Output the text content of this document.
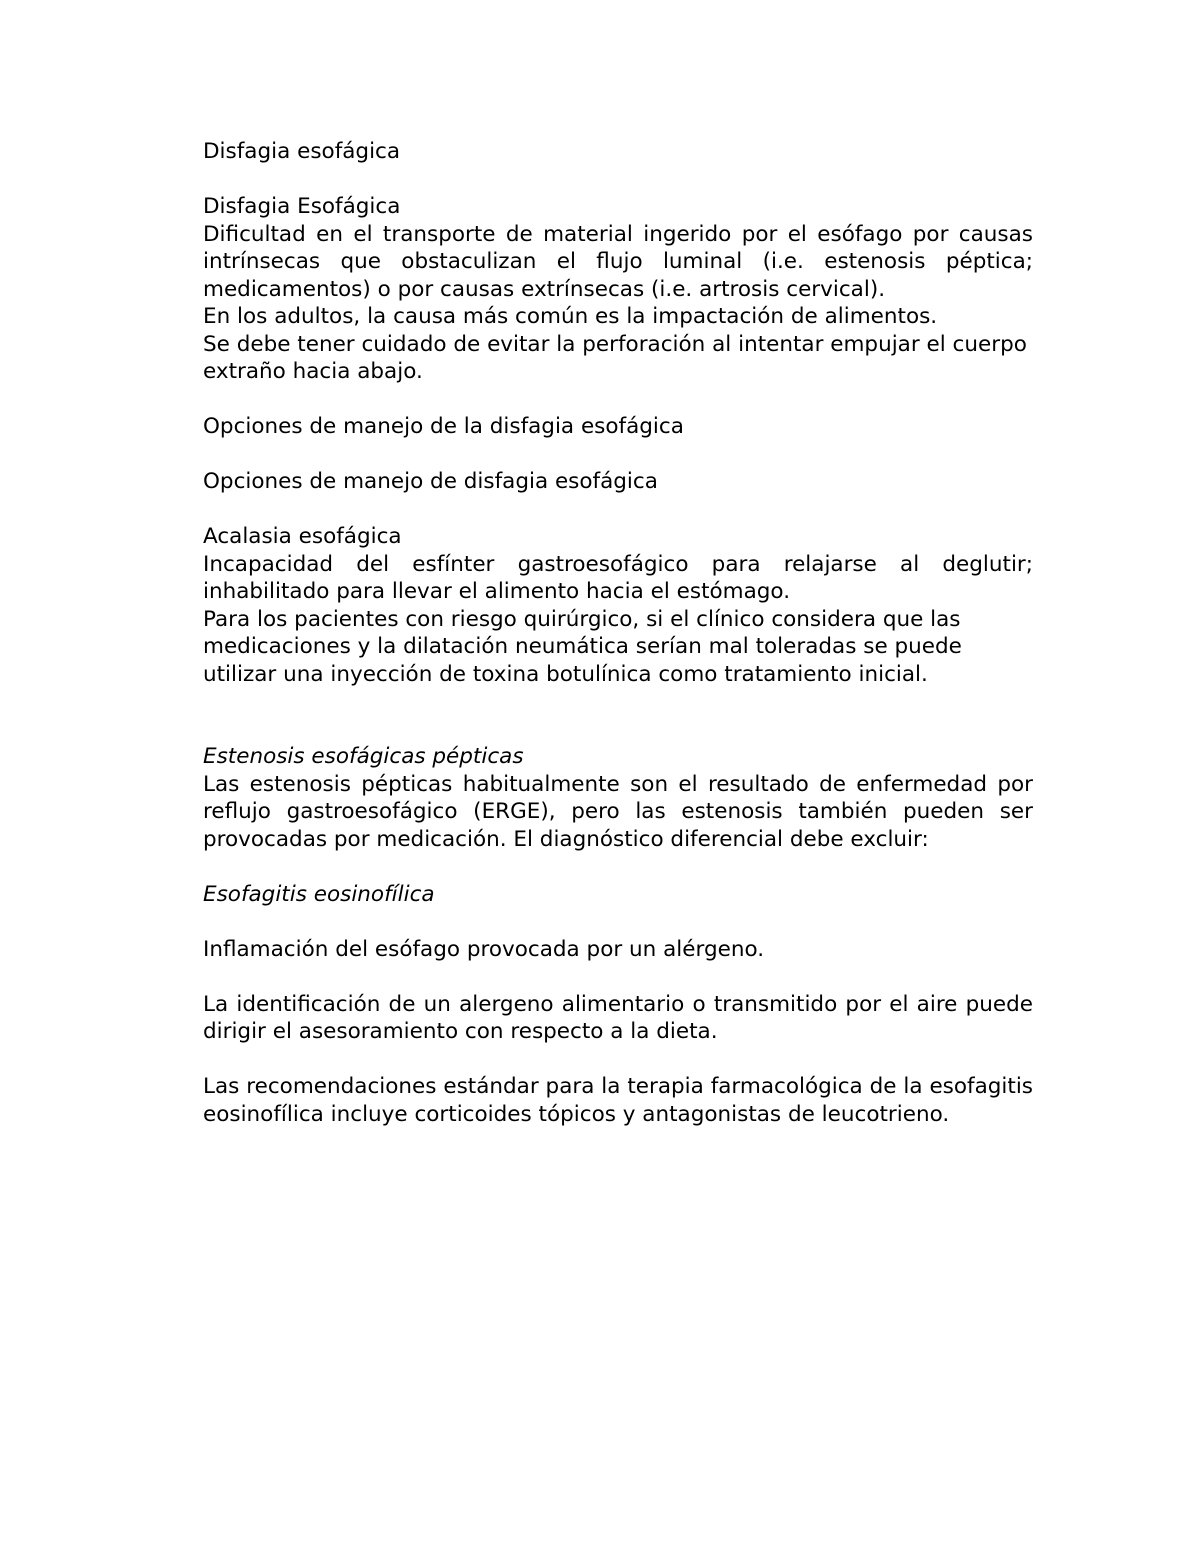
Disfagia esofágica

Disfagia Esofágica

Dificultad en el transporte de material ingerido por el esófago por causas intrínsecas que obstaculizan el flujo luminal (i.e. estenosis péptica; medicamentos) o por causas extrínsecas (i.e. artrosis cervical).

En los adultos, la causa más común es la impactación de alimentos.

Se debe tener cuidado de evitar la perforación al intentar empujar el cuerpo extraño hacia abajo.

Opciones de manejo de la disfagia esofágica

Opciones de manejo de disfagia esofágica

Acalasia esofágica

Incapacidad del esfínter gastroesofágico para relajarse al deglutir; inhabilitado para llevar el alimento hacia el estómago.

Para los pacientes con riesgo quirúrgico, si el clínico considera que las medicaciones y la dilatación neumática serían mal toleradas se puede utilizar una inyección de toxina botulínica como tratamiento inicial.

Estenosis esofágicas pépticas

Las estenosis pépticas habitualmente son el resultado de enfermedad por reflujo gastroesofágico (ERGE), pero las estenosis también pueden ser provocadas por medicación. El diagnóstico diferencial debe excluir:

Esofagitis eosinofílica

Inflamación del esófago provocada por un alérgeno.

La identificación de un alergeno alimentario o transmitido por el aire puede dirigir el asesoramiento con respecto a la dieta.

Las recomendaciones estándar para la terapia farmacológica de la esofagitis eosinofílica incluye corticoides tópicos y antagonistas de leucotrieno.
